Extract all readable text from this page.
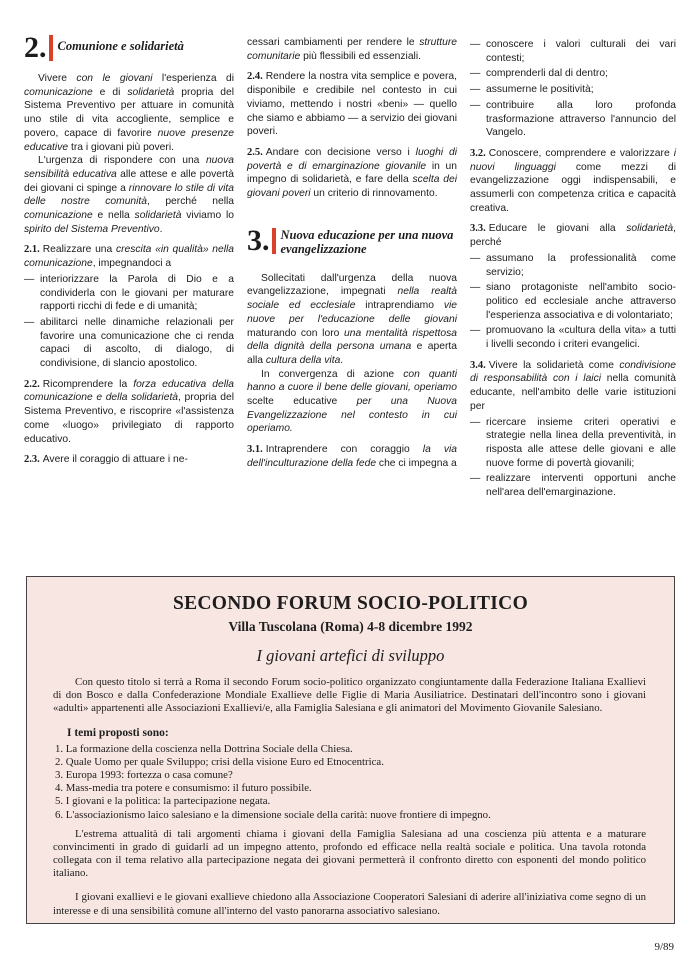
2. Comunione e solidarietà

Vivere con le giovani l'esperienza di comunicazione e di solidarietà propria del Sistema Preventivo per attuare in comunità uno stile di vita accogliente, semplice e povero, capace di favorire nuove presenze educative tra i giovani più poveri.

L'urgenza di rispondere con una nuova sensibilità educativa alle attese e alle povertà dei giovani ci spinge a rinnovare lo stile di vita delle nostre comunità, perché nella comunicazione e nella solidarietà viviamo lo spirito del Sistema Preventivo.

2.1. Realizzare una crescita «in qualità» nella comunicazione, impegnandoci a

— interiorizzare la Parola di Dio e a condividerla con le giovani per maturare rapporti ricchi di fede e di umanità;

— abilitarci nelle dinamiche relazionali per favorire una comunicazione che ci renda capaci di ascolto, di dialogo, di condivisione, di slancio apostolico.

2.2. Ricomprendere la forza educativa della comunicazione e della solidarietà, propria del Sistema Preventivo, e riscoprire «l'assistenza come «luogo» privilegiato di rapporto educativo.

2.3. Avere il coraggio di attuare i ne-

cessari cambiamenti per rendere le strutture comunitarie più flessibili ed essenziali.

2.4. Rendere la nostra vita semplice e povera, disponibile e credibile nel contesto in cui viviamo, mettendo i nostri «beni» — quello che siamo e abbiamo — a servizio dei giovani poveri.

2.5. Andare con decisione verso i luoghi di povertà e di emarginazione giovanile in un impegno di solidarietà, e fare della scelta dei giovani poveri un criterio di rinnovamento.

3. Nuova educazione per una nuova evangelizzazione

Sollecitati dall'urgenza della nuova evangelizzazione, impegnati nella realtà sociale ed ecclesiale intraprendiamo vie nuove per l'educazione delle giovani maturando con loro una mentalità rispettosa della dignità della persona umana e aperta alla cultura della vita.

In convergenza di azione con quanti hanno a cuore il bene delle giovani, operiamo scelte educative per una Nuova Evangelizzazione nel contesto in cui operiamo.

3.1. Intraprendere con coraggio la via dell'inculturazione della fede che ci impegna a

— conoscere i valori culturali dei vari contesti;

— comprenderli dal di dentro;

— assumerne le positività;

— contribuire alla loro profonda trasformazione attraverso l'annuncio del Vangelo.

3.2. Conoscere, comprendere e valorizzare i nuovi linguaggi come mezzi di evangelizzazione oggi indispensabili, e assumerli con competenza critica e capacità creativa.

3.3. Educare le giovani alla solidarietà, perché

— assumano la professionalità come servizio;

— siano protagoniste nell'ambito socio-politico ed ecclesiale anche attraverso l'esperienza associativa e di volontariato;

— promuovano la «cultura della vita» a tutti i livelli secondo i criteri evangelici.

3.4. Vivere la solidarietà come condivisione di responsabilità con i laici nella comunità educante, nell'ambito delle varie istituzioni per

— ricercare insieme criteri operativi e strategie nella linea della preventività, in risposta alle attese delle giovani e alle nuove forme di povertà giovanili;

— realizzare interventi opportuni anche nell'area dell'emarginazione.

SECONDO FORUM SOCIO-POLITICO
Villa Tuscolana (Roma) 4-8 dicembre 1992
I giovani artefici di sviluppo

Con questo titolo si terrà a Roma il secondo Forum socio-politico organizzato congiuntamente dalla Federazione Italiana Exallievi di don Bosco e dalla Confederazione Mondiale Exallieve delle Figlie di Maria Ausiliatrice. Destinatari dell'incontro sono i giovani «adulti» appartenenti alle Associazioni Exallievi/e, alla Famiglia Salesiana e gli animatori del Movimento Giovanile Salesiano.

I temi proposti sono:
1. La formazione della coscienza nella Dottrina Sociale della Chiesa.
2. Quale Uomo per quale Sviluppo; crisi della visione Euro ed Etnocentrica.
3. Europa 1993: fortezza o casa comune?
4. Mass-media tra potere e consumismo: il futuro possibile.
5. I giovani e la politica: la partecipazione negata.
6. L'associazionismo laico salesiano e la dimensione sociale della carità: nuove frontiere di impegno.

L'estrema attualità di tali argomenti chiama i giovani della Famiglia Salesiana ad una coscienza più attenta e a maturare convincimenti in grado di guidarli ad un impegno attento, profondo ed efficace nella realtà sociale e politica. Una tavola rotonda collegata con il tema relativo alla partecipazione negata dei giovani permetterà il confronto diretto con esponenti del mondo politico italiano.

I giovani exallievi e le giovani exallieve chiedono alla Associazione Cooperatori Salesiani di aderire all'iniziativa come segno di un interesse e di una sensibilità comune all'interno del vasto panorarna associativo salesiano.

9/89
